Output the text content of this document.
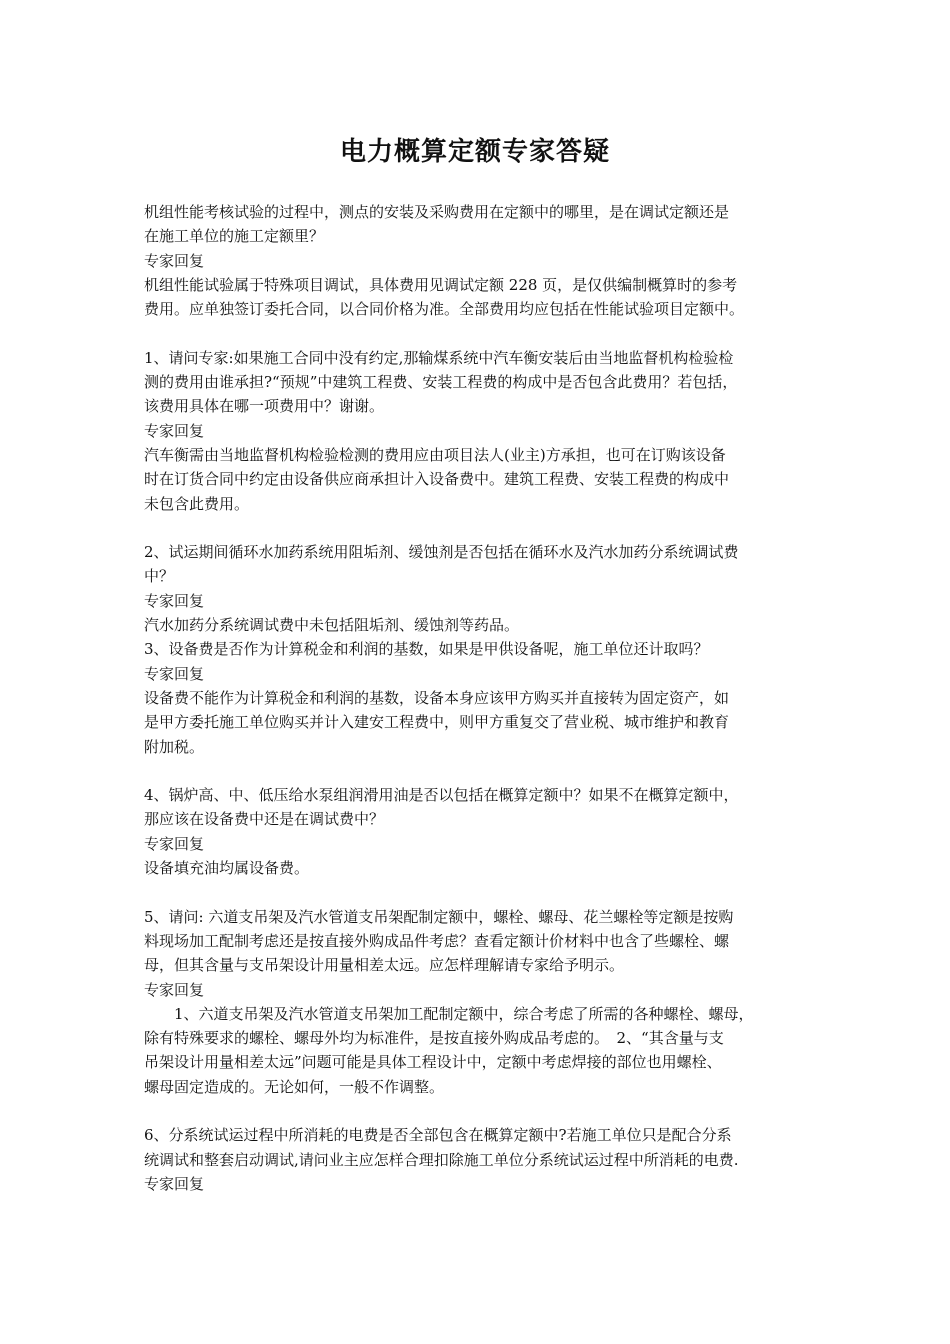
电力概算定额专家答疑
机组性能考核试验的过程中，测点的安装及采购费用在定额中的哪里，是在调试定额还是
在施工单位的施工定额里？
专家回复
机组性能试验属于特殊项目调试，具体费用见调试定额 228 页，是仅供编制概算时的参考
费用。应单独签订委托合同，以合同价格为准。全部费用均应包括在性能试验项目定额中。
1、请问专家:如果施工合同中没有约定,那输煤系统中汽车衡安装后由当地监督机构检验检
测的费用由谁承担?“预规”中建筑工程费、安装工程费的构成中是否包含此费用？若包括，
该费用具体在哪一项费用中？谢谢。
专家回复
汽车衡需由当地监督机构检验检测的费用应由项目法人(业主)方承担，也可在订购该设备
时在订货合同中约定由设备供应商承担计入设备费中。建筑工程费、安装工程费的构成中
未包含此费用。
2、试运期间循环水加药系统用阻垢剂、缓蚀剂是否包括在循环水及汽水加药分系统调试费
中？
专家回复
汽水加药分系统调试费中未包括阻垢剂、缓蚀剂等药品。
3、设备费是否作为计算税金和利润的基数，如果是甲供设备呢，施工单位还计取吗？
专家回复
设备费不能作为计算税金和利润的基数，设备本身应该甲方购买并直接转为固定资产，如
是甲方委托施工单位购买并计入建安工程费中，则甲方重复交了营业税、城市维护和教育
附加税。
4、锅炉高、中、低压给水泵组润滑用油是否以包括在概算定额中？如果不在概算定额中，
那应该在设备费中还是在调试费中？
专家回复
设备填充油均属设备费。
5、请问: 六道支吊架及汽水管道支吊架配制定额中，螺栓、螺母、花兰螺栓等定额是按购
料现场加工配制考虑还是按直接外购成品件考虑？查看定额计价材料中也含了些螺栓、螺
母，但其含量与支吊架设计用量相差太远。应怎样理解请专家给予明示。
专家回复
1、六道支吊架及汽水管道支吊架加工配制定额中，综合考虑了所需的各种螺栓、螺母，
除有特殊要求的螺栓、螺母外均为标准件，是按直接外购成品考虑的。　2、“其含量与支
吊架设计用量相差太远”问题可能是具体工程设计中，定额中考虑焊接的部位也用螺栓、
螺母固定造成的。无论如何，一般不作调整。
6、分系统试运过程中所消耗的电费是否全部包含在概算定额中?若施工单位只是配合分系
统调试和整套启动调试,请问业主应怎样合理扣除施工单位分系统试运过程中所消耗的电费.
专家回复
